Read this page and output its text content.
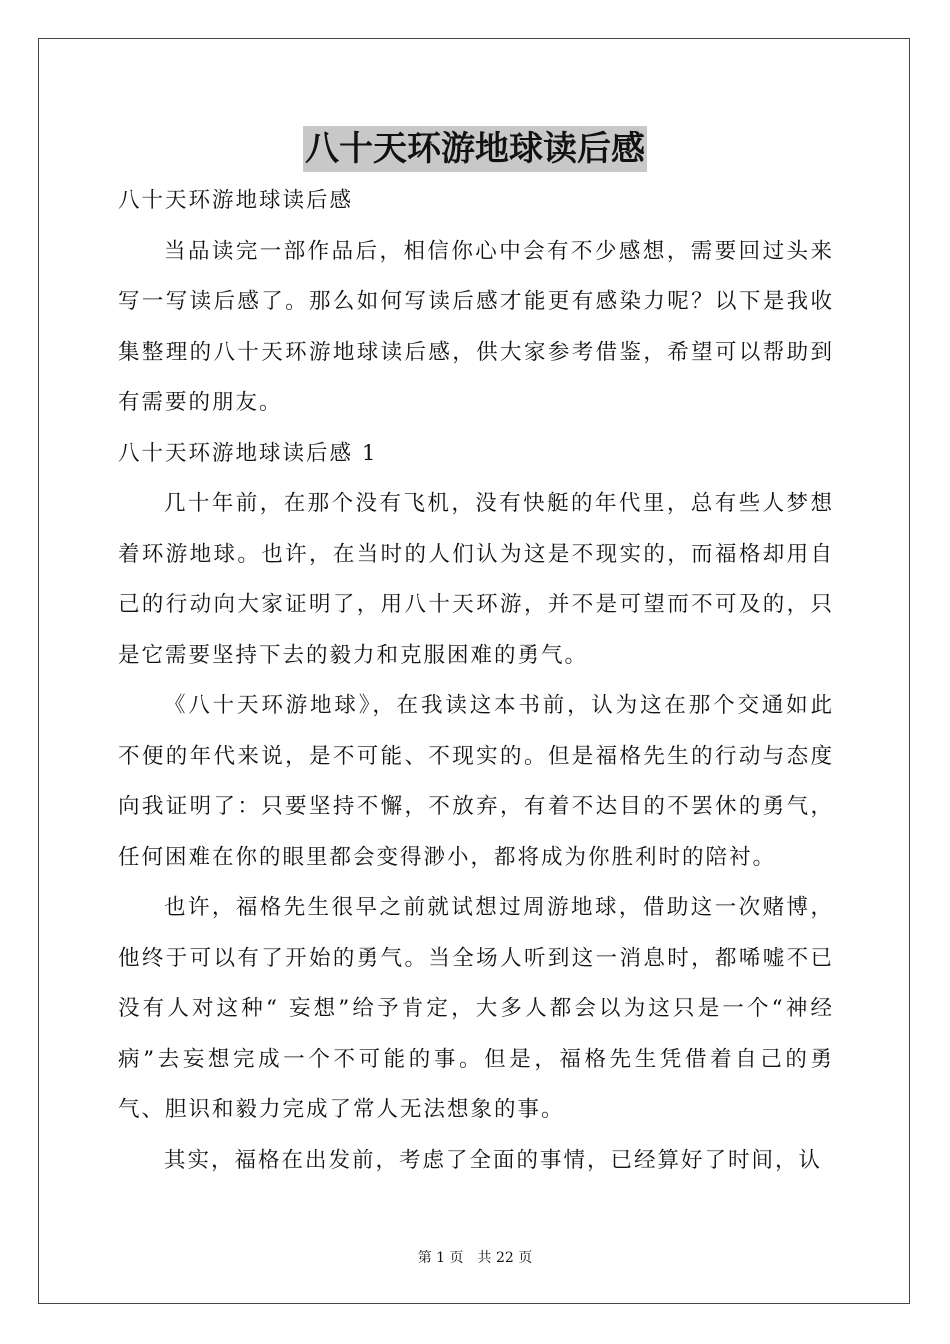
八十天环游地球读后感
八十天环游地球读后感

当品读完一部作品后，相信你心中会有不少感想，需要回过头来写一写读后感了。那么如何写读后感才能更有感染力呢？以下是我收集整理的八十天环游地球读后感，供大家参考借鉴，希望可以帮助到有需要的朋友。

八十天环游地球读后感 1

几十年前，在那个没有飞机，没有快艇的年代里，总有些人梦想着环游地球。也许，在当时的人们认为这是不现实的，而福格却用自己的行动向大家证明了，用八十天环游，并不是可望而不可及的，只是它需要坚持下去的毅力和克服困难的勇气。

《八十天环游地球》，在我读这本书前，认为这在那个交通如此不便的年代来说，是不可能、不现实的。但是福格先生的行动与态度向我证明了：只要坚持不懈，不放弃，有着不达目的不罢休的勇气，任何困难在你的眼里都会变得渺小，都将成为你胜利时的陪衬。

也许，福格先生很早之前就试想过周游地球，借助这一次赌博，他终于可以有了开始的勇气。当全场人听到这一消息时，都唏嘘不已没有人对这种“ 妄想”给予肯定，大多人都会以为这只是一个“神经病”去妄想完成一个不可能的事。但是，福格先生凭借着自己的勇气、胆识和毅力完成了常人无法想象的事。

其实，福格在出发前，考虑了全面的事情，已经算好了时间，认

第 1 页　共 22 页
